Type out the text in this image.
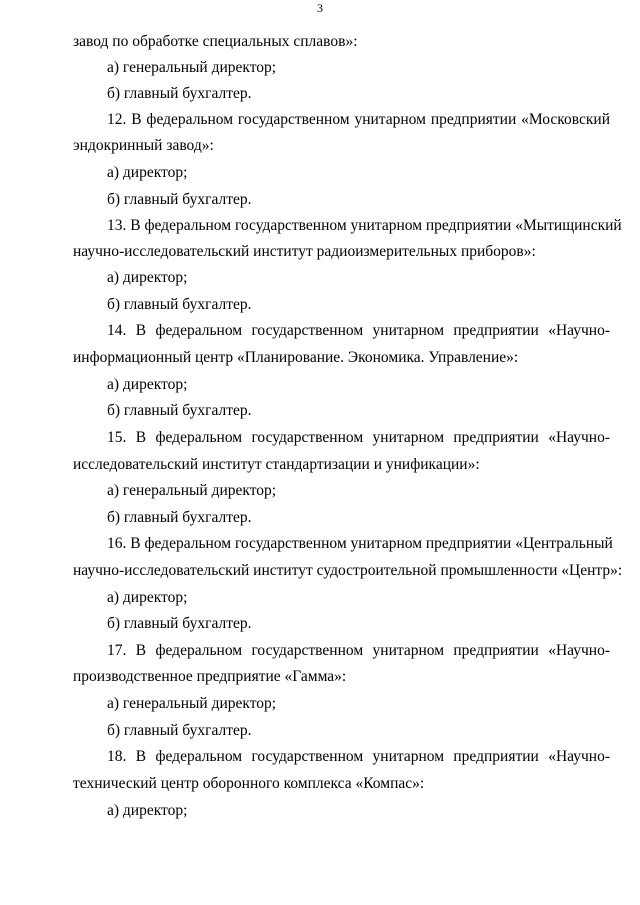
3
завод по обработке специальных сплавов»:
а) генеральный директор;
б) главный бухгалтер.
12. В федеральном государственном унитарном предприятии «Московский
эндокринный завод»:
а) директор;
б) главный бухгалтер.
13. В федеральном государственном унитарном предприятии «Мытищинский
научно-исследовательский институт радиоизмерительных приборов»:
а) директор;
б) главный бухгалтер.
14. В федеральном государственном унитарном предприятии «Научно-
информационный центр «Планирование. Экономика. Управление»:
а) директор;
б) главный бухгалтер.
15. В федеральном государственном унитарном предприятии «Научно-
исследовательский институт стандартизации и унификации»:
а) генеральный директор;
б) главный бухгалтер.
16. В федеральном государственном унитарном предприятии «Центральный
научно-исследовательский институт судостроительной промышленности «Центр»:
а) директор;
б) главный бухгалтер.
17. В федеральном государственном унитарном предприятии «Научно-
производственное предприятие «Гамма»:
а) генеральный директор;
б) главный бухгалтер.
18. В федеральном государственном унитарном предприятии «Научно-
технический центр оборонного комплекса «Компас»:
а) директор;
